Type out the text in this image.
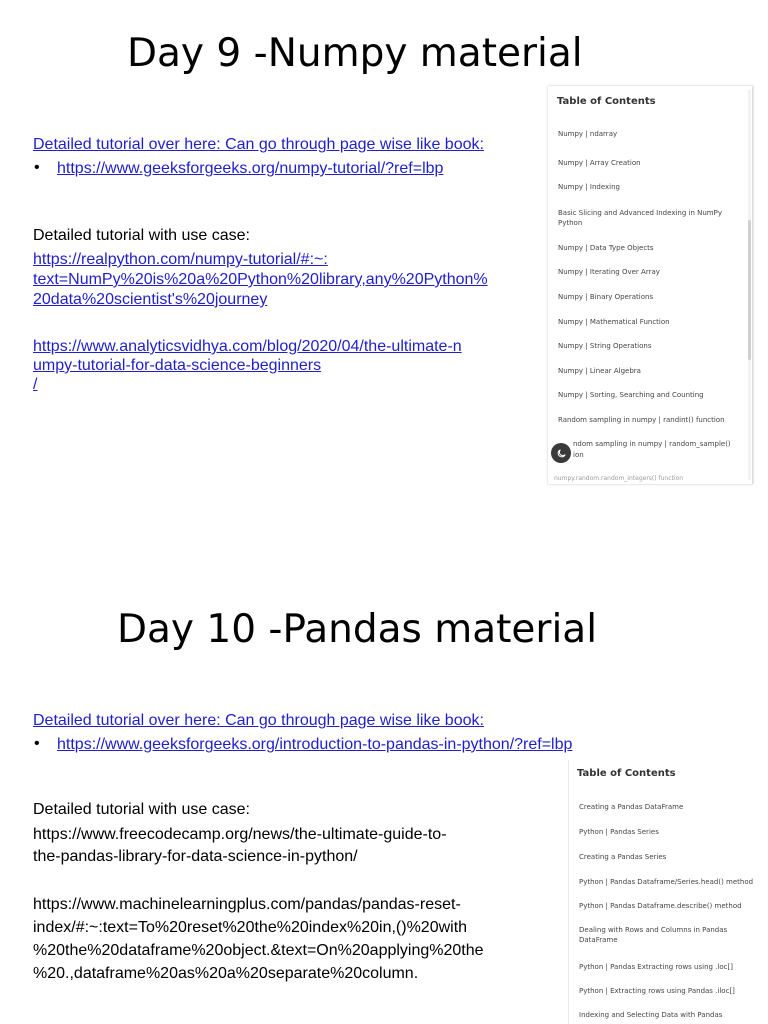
Day 9 -Numpy material
Detailed tutorial over here: Can go through page wise like book:
• https://www.geeksforgeeks.org/numpy-tutorial/?ref=lbp
Detailed tutorial with use case:
https://realpython.com/numpy-tutorial/#:~:
text=NumPy%20is%20a%20Python%20library,any%20Python%
20data%20scientist's%20journey
https://www.analyticsvidhya.com/blog/2020/04/the-ultimate-n
umpy-tutorial-for-data-science-beginners
/
Table of Contents
Numpy | ndarray
Numpy | Array Creation
Numpy | Indexing
Basic Slicing and Advanced Indexing in NumPy Python
Numpy | Data Type Objects
Numpy | Iterating Over Array
Numpy | Binary Operations
Numpy | Mathematical Function
Numpy | String Operations
Numpy | Linear Algebra
Numpy | Sorting, Searching and Counting
Random sampling in numpy | randint() function
ndom sampling in numpy | random_sample()
ion
numpy.random.random_integers() function
Day 10 -Pandas material
Detailed tutorial over here: Can go through page wise like book:
• https://www.geeksforgeeks.org/introduction-to-pandas-in-python/?ref=lbp
Detailed tutorial with use case:
https://www.freecodecamp.org/news/the-ultimate-guide-to-
the-pandas-library-for-data-science-in-python/
https://www.machinelearningplus.com/pandas/pandas-reset-
index/#:~:text=To%20reset%20the%20index%20in,()%20with
%20the%20dataframe%20object.&text=On%20applying%20the
%20.,dataframe%20as%20a%20separate%20column.
Table of Contents
Creating a Pandas DataFrame
Python | Pandas Series
Creating a Pandas Series
Python | Pandas Dataframe/Series.head() method
Python | Pandas Dataframe.describe() method
Dealing with Rows and Columns in Pandas DataFrame
Python | Pandas Extracting rows using .loc[]
Python | Extracting rows using Pandas .iloc[]
Indexing and Selecting Data with Pandas
